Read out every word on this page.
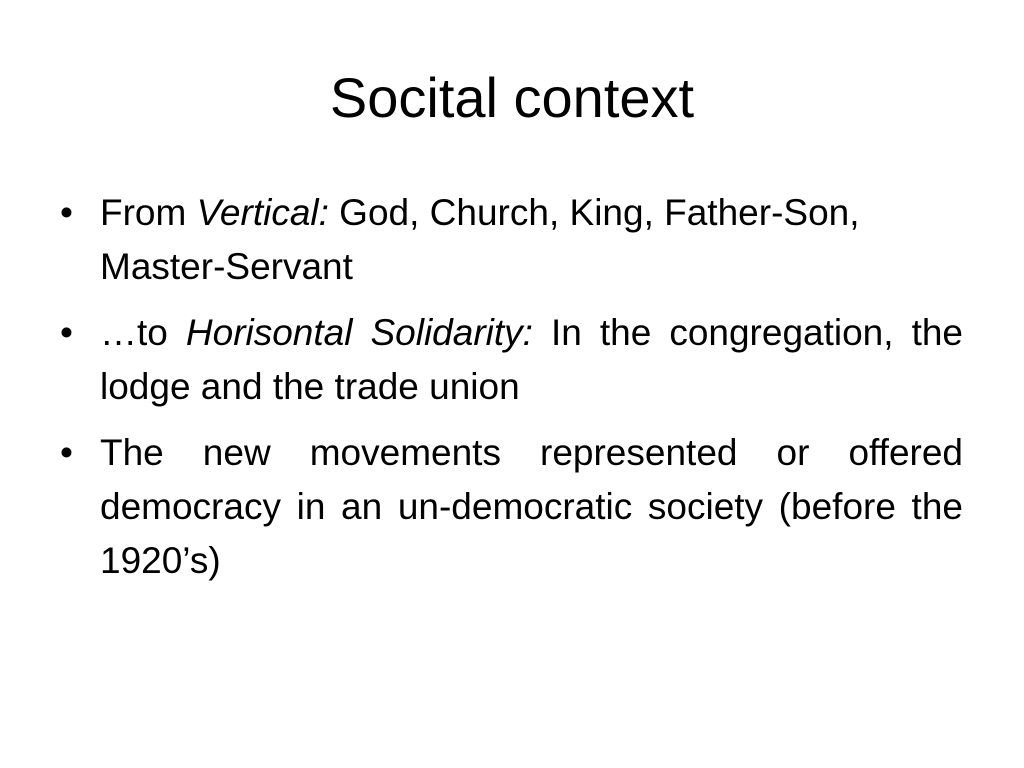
Socital context
• From Vertical: God, Church, King, Father-Son, Master-Servant
• …to Horisontal Solidarity: In the congregation, the lodge and the trade union
• The new movements represented or offered democracy in an un-democratic society (before the 1920’s)
